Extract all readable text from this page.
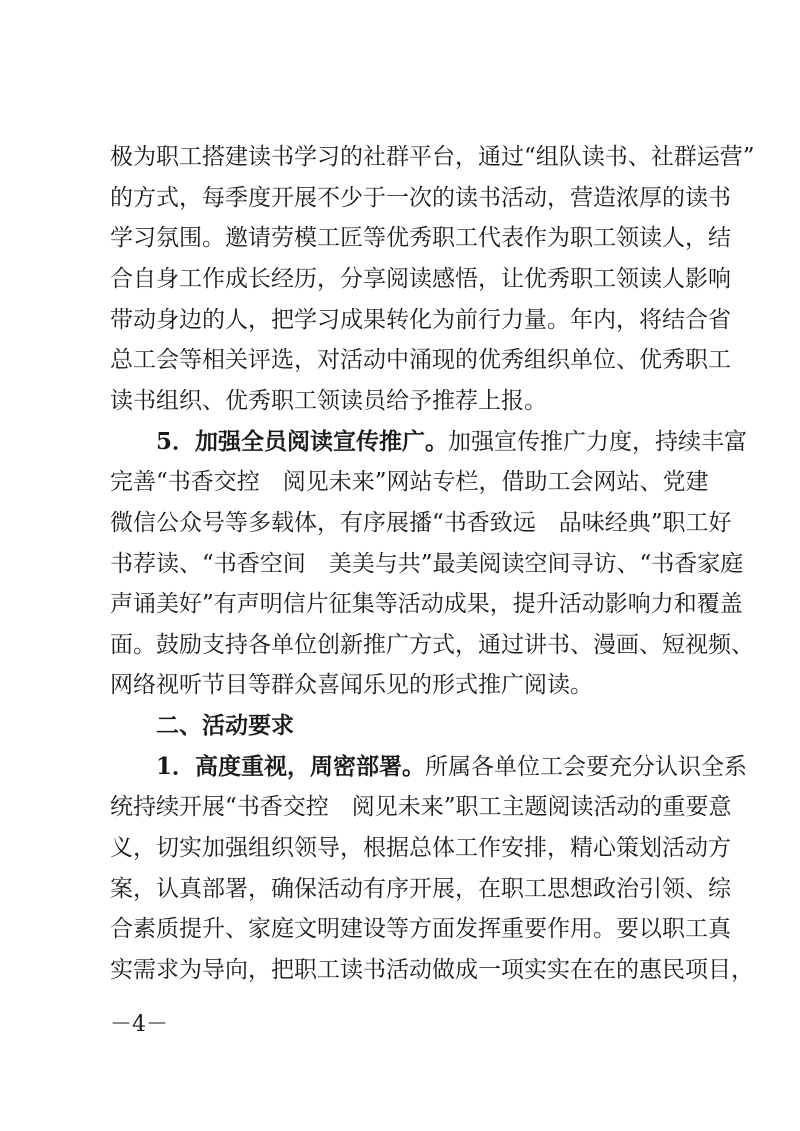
极为职工搭建读书学习的社群平台，通过“组队读书、社群运营”
的方式，每季度开展不少于一次的读书活动，营造浓厚的读书
学习氛围。邀请劳模工匠等优秀职工代表作为职工领读人，结
合自身工作成长经历，分享阅读感悟，让优秀职工领读人影响
带动身边的人，把学习成果转化为前行力量。年内，将结合省
总工会等相关评选，对活动中涌现的优秀组织单位、优秀职工
读书组织、优秀职工领读员给予推荐上报。
5．加强全员阅读宣传推广。加强宣传推广力度，持续丰富
完善“书香交控　阅见未来”网站专栏，借助工会网站、党建
微信公众号等多载体，有序展播“书香致远　品味经典”职工好
书荐读、“书香空间　美美与共”最美阅读空间寻访、“书香家庭
声诵美好”有声明信片征集等活动成果，提升活动影响力和覆盖
面。鼓励支持各单位创新推广方式，通过讲书、漫画、短视频、
网络视听节目等群众喜闻乐见的形式推广阅读。
二、活动要求
1．高度重视，周密部署。所属各单位工会要充分认识全系
统持续开展“书香交控　阅见未来”职工主题阅读活动的重要意
义，切实加强组织领导，根据总体工作安排，精心策划活动方
案，认真部署，确保活动有序开展，在职工思想政治引领、综
合素质提升、家庭文明建设等方面发挥重要作用。要以职工真
实需求为导向，把职工读书活动做成一项实实在在的惠民项目，
－4－
